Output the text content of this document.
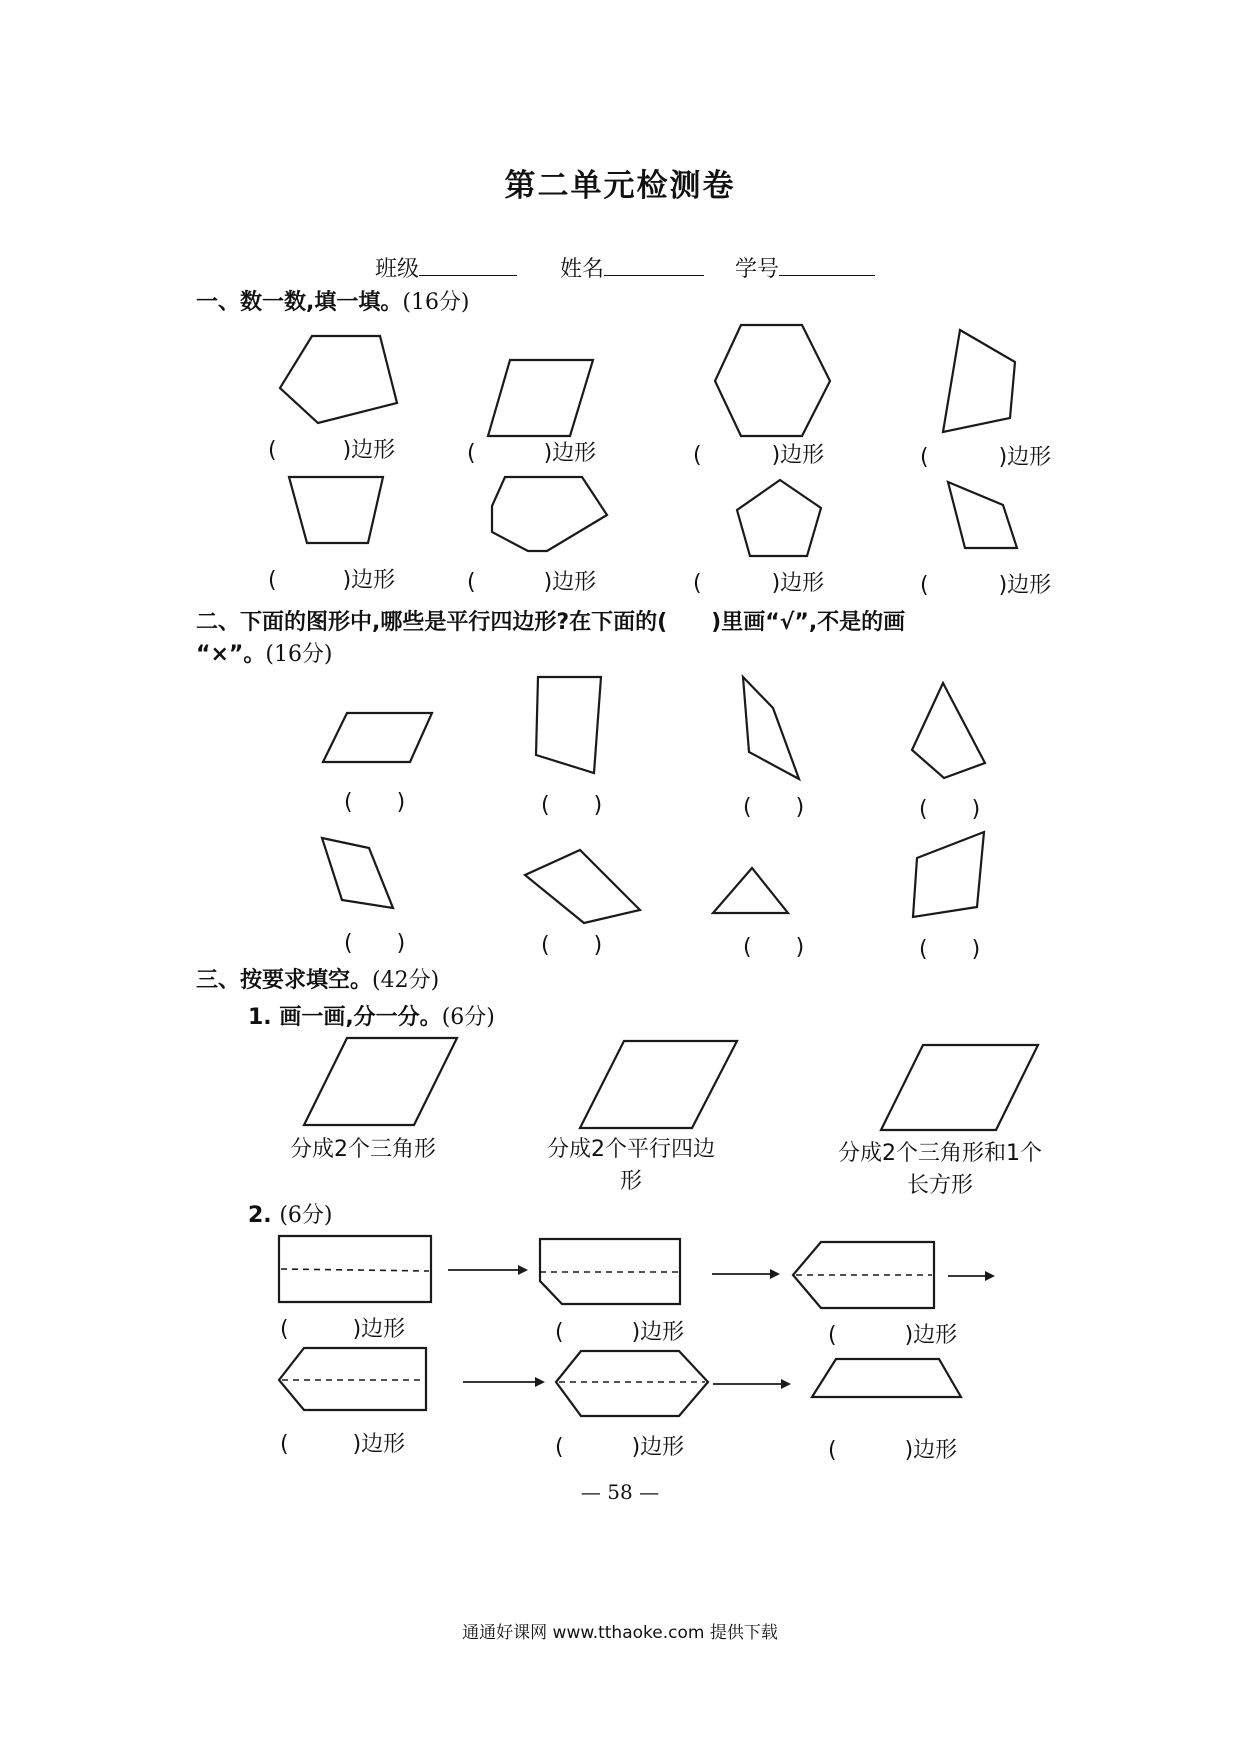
第二单元检测卷
班级	姓名	学号
一、数一数,填一填。(16分)
(	)边形	(	)边形	(	)边形	(	)边形
(	)边形	(	)边形	(	)边形	(	)边形
二、下面的图形中,哪些是平行四边形?在下面的(　　)里画“√”,不是的画
“×”。(16分)
(　　)	(　　)	(　　)	(　　)
(　　)	(　　)	(　　)	(　　)
三、按要求填空。(42分)
1. 画一画,分一分。(6分)
分成2个三角形	分成2个平行四边形
分成2个三角形和1个长方形
2. (6分)
(	)边形	(	)边形	(	)边形
(	)边形	(	)边形	(	)边形
— 58 —
通通好课网 www.tthaoke.com 提供下载
